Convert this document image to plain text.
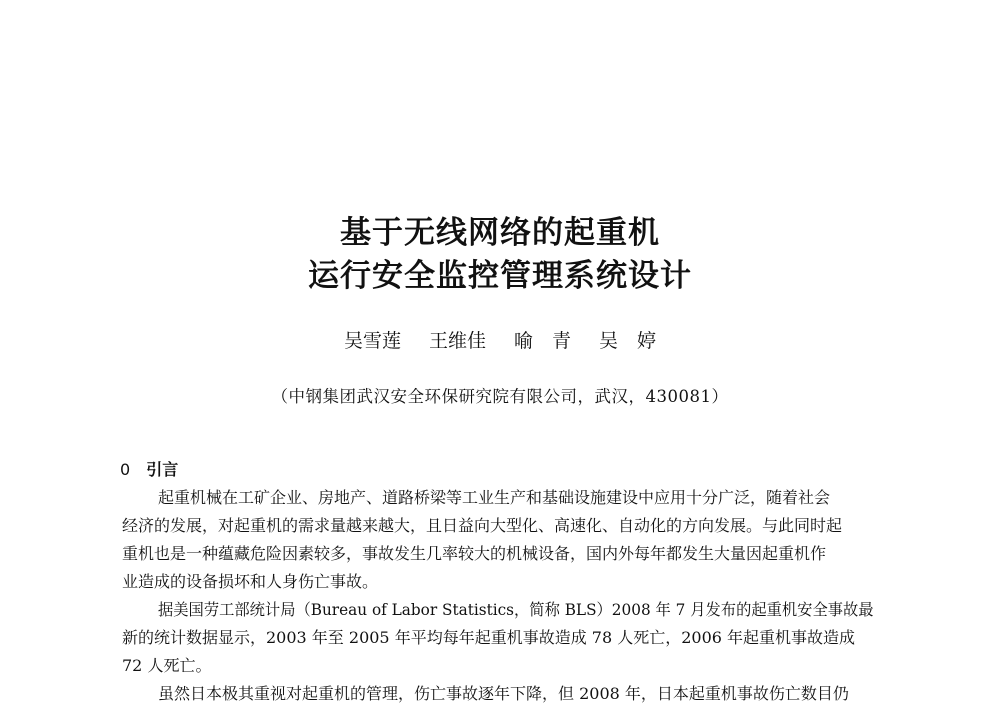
基于无线网络的起重机
运行安全监控管理系统设计
吴雪莲 王维佳 喻　青 吴　婷
（中钢集团武汉安全环保研究院有限公司，武汉，430081）
0 引言
起重机械在工矿企业、房地产、道路桥梁等工业生产和基础设施建设中应用十分广泛，随着社会
经济的发展，对起重机的需求量越来越大，且日益向大型化、高速化、自动化的方向发展。与此同时起
重机也是一种蕴藏危险因素较多，事故发生几率较大的机械设备，国内外每年都发生大量因起重机作
业造成的设备损坏和人身伤亡事故。
据美国劳工部统计局（Bureau of Labor Statistics，简称 BLS）2008 年 7 月发布的起重机安全事故最
新的统计数据显示，2003 年至 2005 年平均每年起重机事故造成 78 人死亡，2006 年起重机事故造成
72 人死亡。
虽然日本极其重视对起重机的管理，伤亡事故逐年下降，但 2008 年，日本起重机事故伤亡数目仍
